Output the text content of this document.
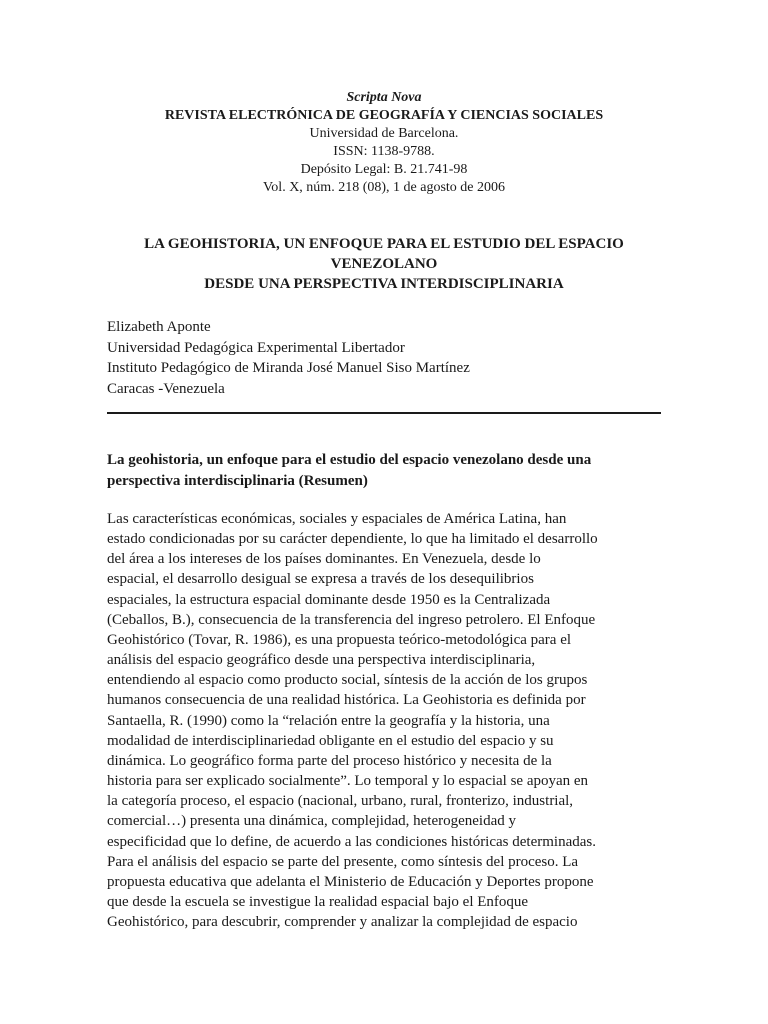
Scripta Nova
REVISTA ELECTRÓNICA DE GEOGRAFÍA Y CIENCIAS SOCIALES
Universidad de Barcelona.
ISSN: 1138-9788.
Depósito Legal: B. 21.741-98
Vol. X, núm. 218 (08), 1 de agosto de 2006
LA GEOHISTORIA, UN ENFOQUE PARA EL ESTUDIO DEL ESPACIO
VENEZOLANO
DESDE UNA PERSPECTIVA INTERDISCIPLINARIA
Elizabeth Aponte
Universidad Pedagógica Experimental Libertador
Instituto Pedagógico de Miranda José Manuel Siso Martínez
Caracas -Venezuela
La geohistoria, un enfoque para el estudio del espacio venezolano desde una
perspectiva interdisciplinaria (Resumen)
Las características económicas, sociales y espaciales de América Latina, han
estado condicionadas por su carácter dependiente, lo que ha limitado el desarrollo
del área a los intereses de los países dominantes. En Venezuela, desde lo
espacial, el desarrollo desigual se expresa a través de los desequilibrios
espaciales, la estructura espacial dominante desde 1950 es la Centralizada
(Ceballos, B.), consecuencia de la transferencia del ingreso petrolero. El Enfoque
Geohistórico (Tovar, R. 1986), es una propuesta teórico-metodológica para el
análisis del espacio geográfico desde una perspectiva interdisciplinaria,
entendiendo al espacio como producto social, síntesis de la acción de los grupos
humanos consecuencia de una realidad histórica. La Geohistoria es definida por
Santaella, R. (1990) como la “relación entre la geografía y la historia, una
modalidad de interdisciplinariedad obligante en el estudio del espacio y su
dinámica. Lo geográfico forma parte del proceso histórico y necesita de la
historia para ser explicado socialmente”. Lo temporal y lo espacial se apoyan en
la categoría proceso, el espacio (nacional, urbano, rural, fronterizo, industrial,
comercial…) presenta una dinámica, complejidad, heterogeneidad y
especificidad que lo define, de acuerdo a las condiciones históricas determinadas.
Para el análisis del espacio se parte del presente, como síntesis del proceso. La
propuesta educativa que adelanta el Ministerio de Educación y Deportes propone
que desde la escuela se investigue la realidad espacial bajo el Enfoque
Geohistórico, para descubrir, comprender y analizar la complejidad de espacio
